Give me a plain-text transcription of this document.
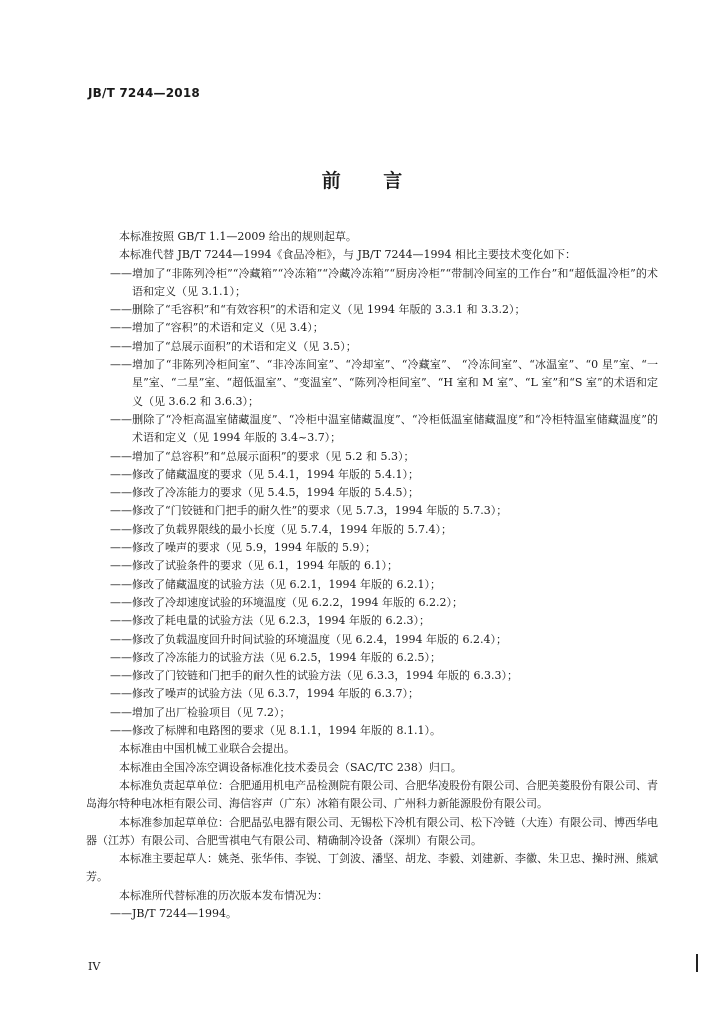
JB/T 7244—2018
前 言

本标准按照 GB/T 1.1—2009 给出的规则起草。

本标准代替 JB/T 7244—1994《食品冷柜》，与 JB/T 7244—1994 相比主要技术变化如下：

——增加了“非陈列冷柜”“冷藏箱”“冷冻箱”“冷藏冷冻箱”“厨房冷柜”“带制冷间室的工作台”和“超低温冷柜”的术语和定义（见 3.1.1）；

——删除了“毛容积”和“有效容积”的术语和定义（见 1994 年版的 3.3.1 和 3.3.2）；

——增加了“容积”的术语和定义（见 3.4）；

——增加了“总展示面积”的术语和定义（见 3.5）；

——增加了“非陈列冷柜间室”、“非冷冻间室”、“冷却室”、“冷藏室”、 “冷冻间室”、“冰温室”、“0 星”室、“一星”室、“二星”室、“超低温室”、“变温室”、“陈列冷柜间室”、“H 室和 M 室”、“L 室”和“S 室”的术语和定义（见 3.6.2 和 3.6.3）；

——删除了“冷柜高温室储藏温度”、“冷柜中温室储藏温度”、“冷柜低温室储藏温度”和“冷柜特温室储藏温度”的术语和定义（见 1994 年版的 3.4~3.7）；

——增加了“总容积”和“总展示面积”的要求（见 5.2 和 5.3）；

——修改了储藏温度的要求（见 5.4.1，1994 年版的 5.4.1）；

——修改了冷冻能力的要求（见 5.4.5，1994 年版的 5.4.5）；

——修改了“门铰链和门把手的耐久性”的要求（见 5.7.3，1994 年版的 5.7.3）；

——修改了负载界限线的最小长度（见 5.7.4，1994 年版的 5.7.4）；

——修改了噪声的要求（见 5.9，1994 年版的 5.9）；

——修改了试验条件的要求（见 6.1，1994 年版的 6.1）；

——修改了储藏温度的试验方法（见 6.2.1，1994 年版的 6.2.1）；

——修改了冷却速度试验的环境温度（见 6.2.2，1994 年版的 6.2.2）；

——修改了耗电量的试验方法（见 6.2.3，1994 年版的 6.2.3）；

——修改了负载温度回升时间试验的环境温度（见 6.2.4，1994 年版的 6.2.4）；

——修改了冷冻能力的试验方法（见 6.2.5，1994 年版的 6.2.5）；

——修改了门铰链和门把手的耐久性的试验方法（见 6.3.3，1994 年版的 6.3.3）；

——修改了噪声的试验方法（见 6.3.7，1994 年版的 6.3.7）；

——增加了出厂检验项目（见 7.2）；

——修改了标牌和电路图的要求（见 8.1.1，1994 年版的 8.1.1）。

本标准由中国机械工业联合会提出。

本标准由全国冷冻空调设备标准化技术委员会（SAC/TC 238）归口。

本标准负责起草单位：合肥通用机电产品检测院有限公司、合肥华凌股份有限公司、合肥美菱股份有限公司、青岛海尔特种电冰柜有限公司、海信容声（广东）冰箱有限公司、广州科力新能源股份有限公司。

本标准参加起草单位：合肥晶弘电器有限公司、无锡松下冷机有限公司、松下冷链（大连）有限公司、博西华电器（江苏）有限公司、合肥雪祺电气有限公司、精确制冷设备（深圳）有限公司。

本标准主要起草人：姚尧、张华伟、李锐、丁剑波、潘坚、胡龙、李毅、刘建新、李徽、朱卫忠、操时洲、熊斌芳。

本标准所代替标准的历次版本发布情况为：

——JB/T 7244—1994。

IV
